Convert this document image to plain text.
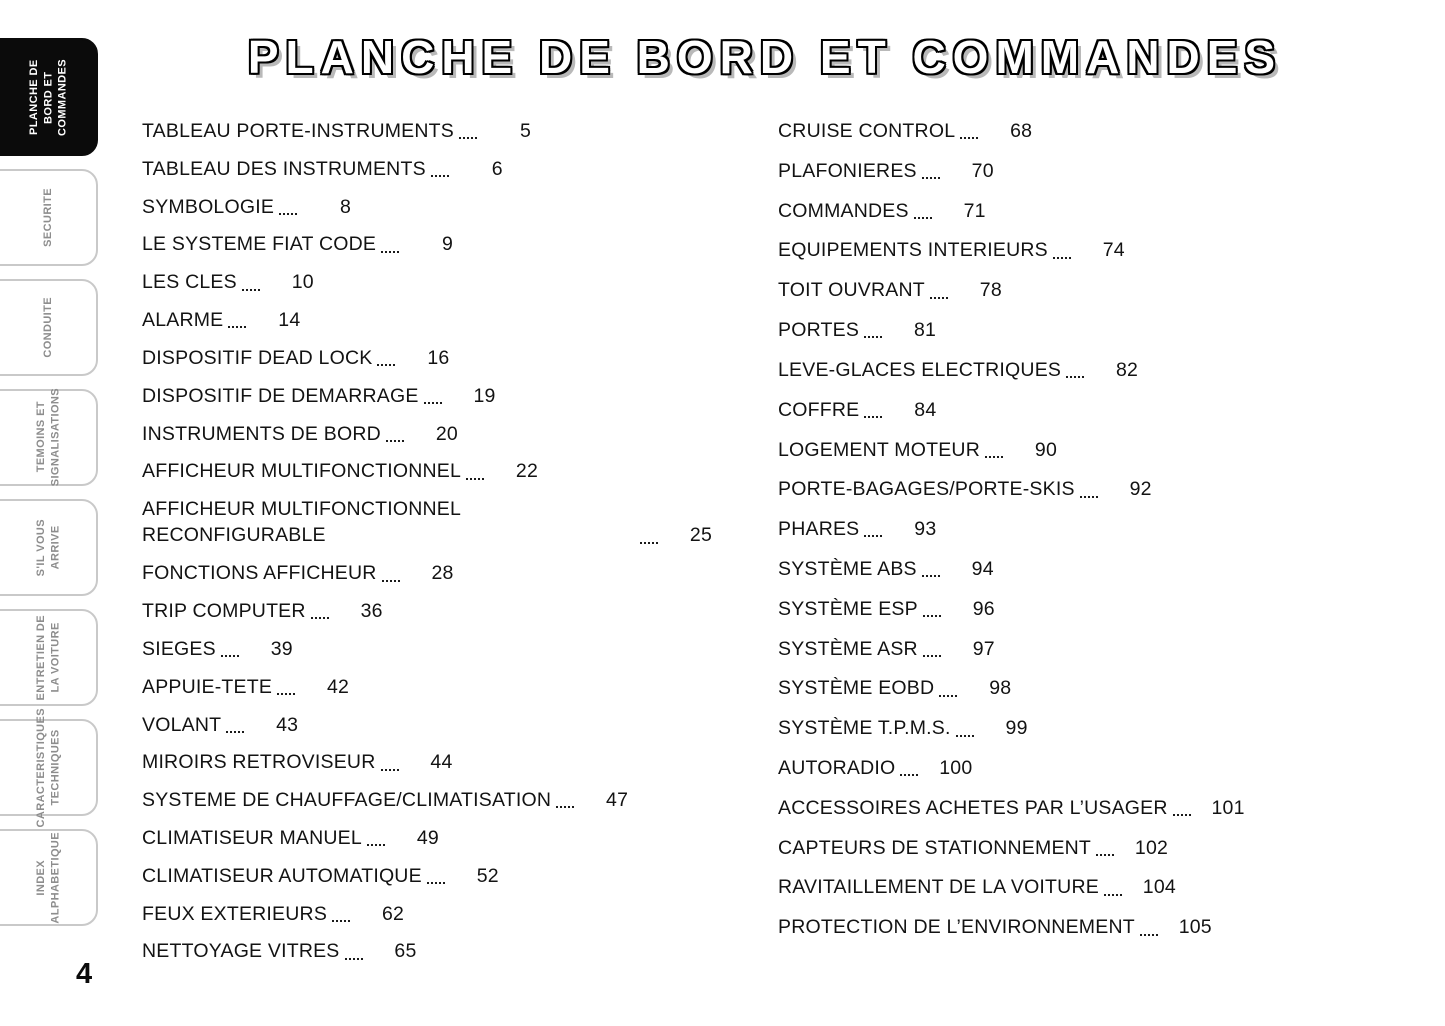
PLANCHE DE BORD ET COMMANDES
SECURITE
CONDUITE
TEMOINS ET SIGNALISATIONS
S'IL VOUS ARRIVE
ENTRETIEN DE LA VOITURE
CARACTERISTIQUES TECHNIQUES
INDEX ALPHABETIQUE
PLANCHE DE BORD ET COMMANDES
TABLEAU PORTE-INSTRUMENTS	5
TABLEAU DES INSTRUMENTS	6
SYMBOLOGIE	8
LE SYSTEME FIAT CODE	9
LES CLES	10
ALARME	14
DISPOSITIF DEAD LOCK	16
DISPOSITIF DE DEMARRAGE	19
INSTRUMENTS DE BORD	20
AFFICHEUR MULTIFONCTIONNEL	22
AFFICHEUR MULTIFONCTIONNEL RECONFIGURABLE	25
FONCTIONS AFFICHEUR	28
TRIP COMPUTER	36
SIEGES	39
APPUIE-TETE	42
VOLANT	43
MIROIRS RETROVISEUR	44
SYSTEME DE CHAUFFAGE/CLIMATISATION	47
CLIMATISEUR MANUEL	49
CLIMATISEUR AUTOMATIQUE	52
FEUX EXTERIEURS	62
NETTOYAGE VITRES	65
CRUISE CONTROL	68
PLAFONIERES	70
COMMANDES	71
EQUIPEMENTS INTERIEURS	74
TOIT OUVRANT	78
PORTES	81
LEVE-GLACES ELECTRIQUES	82
COFFRE	84
LOGEMENT MOTEUR	90
PORTE-BAGAGES/PORTE-SKIS	92
PHARES	93
SYSTÈME ABS	94
SYSTÈME ESP	96
SYSTÈME ASR	97
SYSTÈME EOBD	98
SYSTÈME T.P.M.S.	99
AUTORADIO	100
ACCESSOIRES ACHETES PAR L’USAGER	101
CAPTEURS DE STATIONNEMENT	102
RAVITAILLEMENT DE LA VOITURE	104
PROTECTION DE L’ENVIRONNEMENT	105
4
